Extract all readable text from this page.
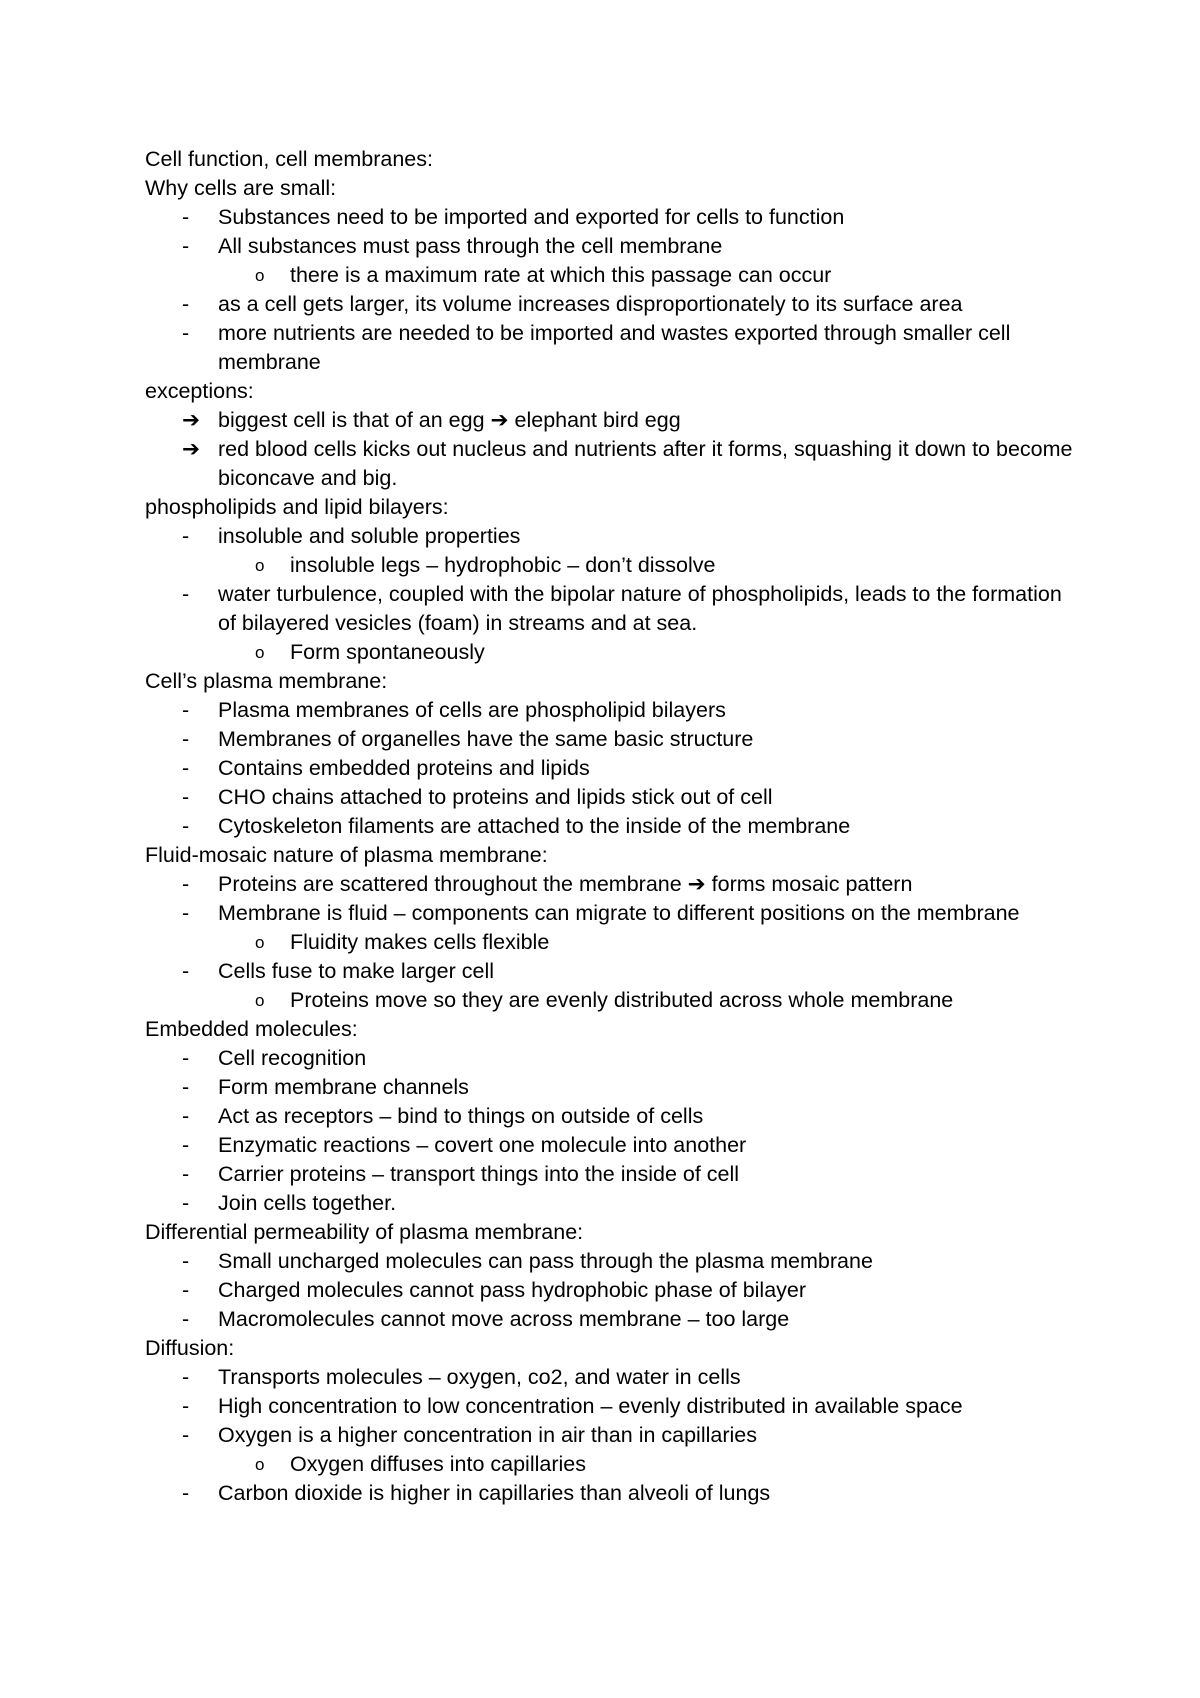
Cell function, cell membranes:
Why cells are small:
- Substances need to be imported and exported for cells to function
- All substances must pass through the cell membrane
o there is a maximum rate at which this passage can occur
- as a cell gets larger, its volume increases disproportionately to its surface area
- more nutrients are needed to be imported and wastes exported through smaller cell membrane
exceptions:
➔ biggest cell is that of an egg ➔ elephant bird egg
➔ red blood cells kicks out nucleus and nutrients after it forms, squashing it down to become biconcave and big.
phospholipids and lipid bilayers:
- insoluble and soluble properties
o insoluble legs – hydrophobic – don’t dissolve
- water turbulence, coupled with the bipolar nature of phospholipids, leads to the formation of bilayered vesicles (foam) in streams and at sea.
o Form spontaneously
Cell’s plasma membrane:
- Plasma membranes of cells are phospholipid bilayers
- Membranes of organelles have the same basic structure
- Contains embedded proteins and lipids
- CHO chains attached to proteins and lipids stick out of cell
- Cytoskeleton filaments are attached to the inside of the membrane
Fluid-mosaic nature of plasma membrane:
- Proteins are scattered throughout the membrane ➔ forms mosaic pattern
- Membrane is fluid – components can migrate to different positions on the membrane
o Fluidity makes cells flexible
- Cells fuse to make larger cell
o Proteins move so they are evenly distributed across whole membrane
Embedded molecules:
- Cell recognition
- Form membrane channels
- Act as receptors – bind to things on outside of cells
- Enzymatic reactions – covert one molecule into another
- Carrier proteins – transport things into the inside of cell
- Join cells together.
Differential permeability of plasma membrane:
- Small uncharged molecules can pass through the plasma membrane
- Charged molecules cannot pass hydrophobic phase of bilayer
- Macromolecules cannot move across membrane – too large
Diffusion:
- Transports molecules – oxygen, co2, and water in cells
- High concentration to low concentration – evenly distributed in available space
- Oxygen is a higher concentration in air than in capillaries
o Oxygen diffuses into capillaries
- Carbon dioxide is higher in capillaries than alveoli of lungs
